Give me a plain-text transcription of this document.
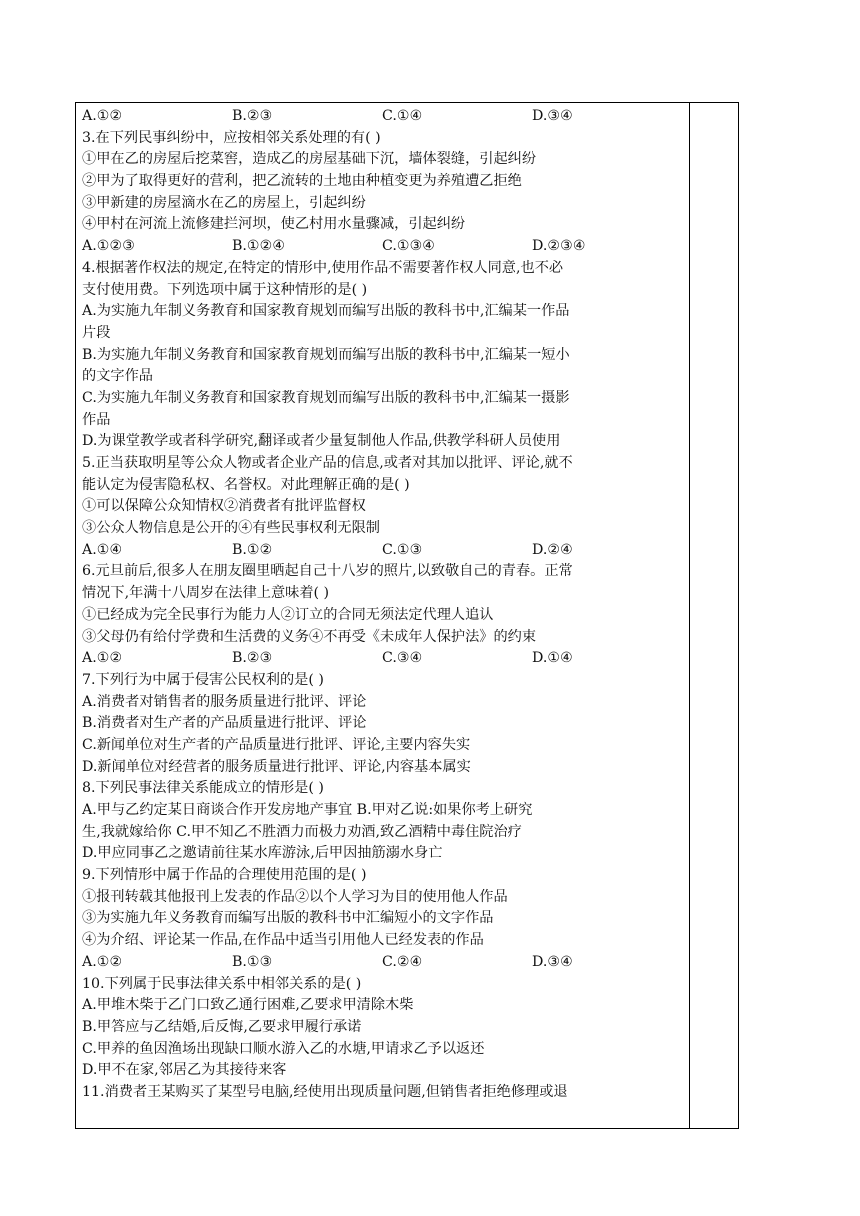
A.①②	B.②③	C.①④	D.③④
3.在下列民事纠纷中，应按相邻关系处理的有( )
①甲在乙的房屋后挖菜窖，造成乙的房屋基础下沉，墙体裂缝，引起纠纷
②甲为了取得更好的营利，把乙流转的土地由种植变更为养殖遭乙拒绝
③甲新建的房屋滴水在乙的房屋上，引起纠纷
④甲村在河流上流修建拦河坝，使乙村用水量骤减，引起纠纷
A.①②③	B.①②④	C.①③④	D.②③④
4.根据著作权法的规定,在特定的情形中,使用作品不需要著作权人同意,也不必
支付使用费。下列选项中属于这种情形的是( )
A.为实施九年制义务教育和国家教育规划而编写出版的教科书中,汇编某一作品
片段
B.为实施九年制义务教育和国家教育规划而编写出版的教科书中,汇编某一短小
的文字作品
C.为实施九年制义务教育和国家教育规划而编写出版的教科书中,汇编某一摄影
作品
D.为课堂教学或者科学研究,翻译或者少量复制他人作品,供教学科研人员使用
5.正当获取明星等公众人物或者企业产品的信息,或者对其加以批评、评论,就不
能认定为侵害隐私权、名誉权。对此理解正确的是( )
①可以保障公众知情权②消费者有批评监督权
③公众人物信息是公开的④有些民事权利无限制
A.①④	B.①②	C.①③	D.②④
6.元旦前后,很多人在朋友圈里晒起自己十八岁的照片,以致敬自己的青春。正常
情况下,年满十八周岁在法律上意味着( )
①已经成为完全民事行为能力人②订立的合同无须法定代理人追认
③父母仍有给付学费和生活费的义务④不再受《未成年人保护法》的约束
A.①②	B.②③	C.③④	D.①④
7.下列行为中属于侵害公民权利的是( )
A.消费者对销售者的服务质量进行批评、评论
B.消费者对生产者的产品质量进行批评、评论
C.新闻单位对生产者的产品质量进行批评、评论,主要内容失实
D.新闻单位对经营者的服务质量进行批评、评论,内容基本属实
8.下列民事法律关系能成立的情形是( )
A.甲与乙约定某日商谈合作开发房地产事宜 B.甲对乙说:如果你考上研究
生,我就嫁给你 C.甲不知乙不胜酒力而极力劝酒,致乙酒精中毒住院治疗
D.甲应同事乙之邀请前往某水库游泳,后甲因抽筋溺水身亡
9.下列情形中属于作品的合理使用范围的是( )
①报刊转载其他报刊上发表的作品②以个人学习为目的使用他人作品
③为实施九年义务教育而编写出版的教科书中汇编短小的文字作品
④为介绍、评论某一作品,在作品中适当引用他人已经发表的作品
A.①②	B.①③	C.②④	D.③④
10.下列属于民事法律关系中相邻关系的是( )
A.甲堆木柴于乙门口致乙通行困难,乙要求甲清除木柴
B.甲答应与乙结婚,后反悔,乙要求甲履行承诺
C.甲养的鱼因渔场出现缺口顺水游入乙的水塘,甲请求乙予以返还
D.甲不在家,邻居乙为其接待来客
11.消费者王某购买了某型号电脑,经使用出现质量问题,但销售者拒绝修理或退
